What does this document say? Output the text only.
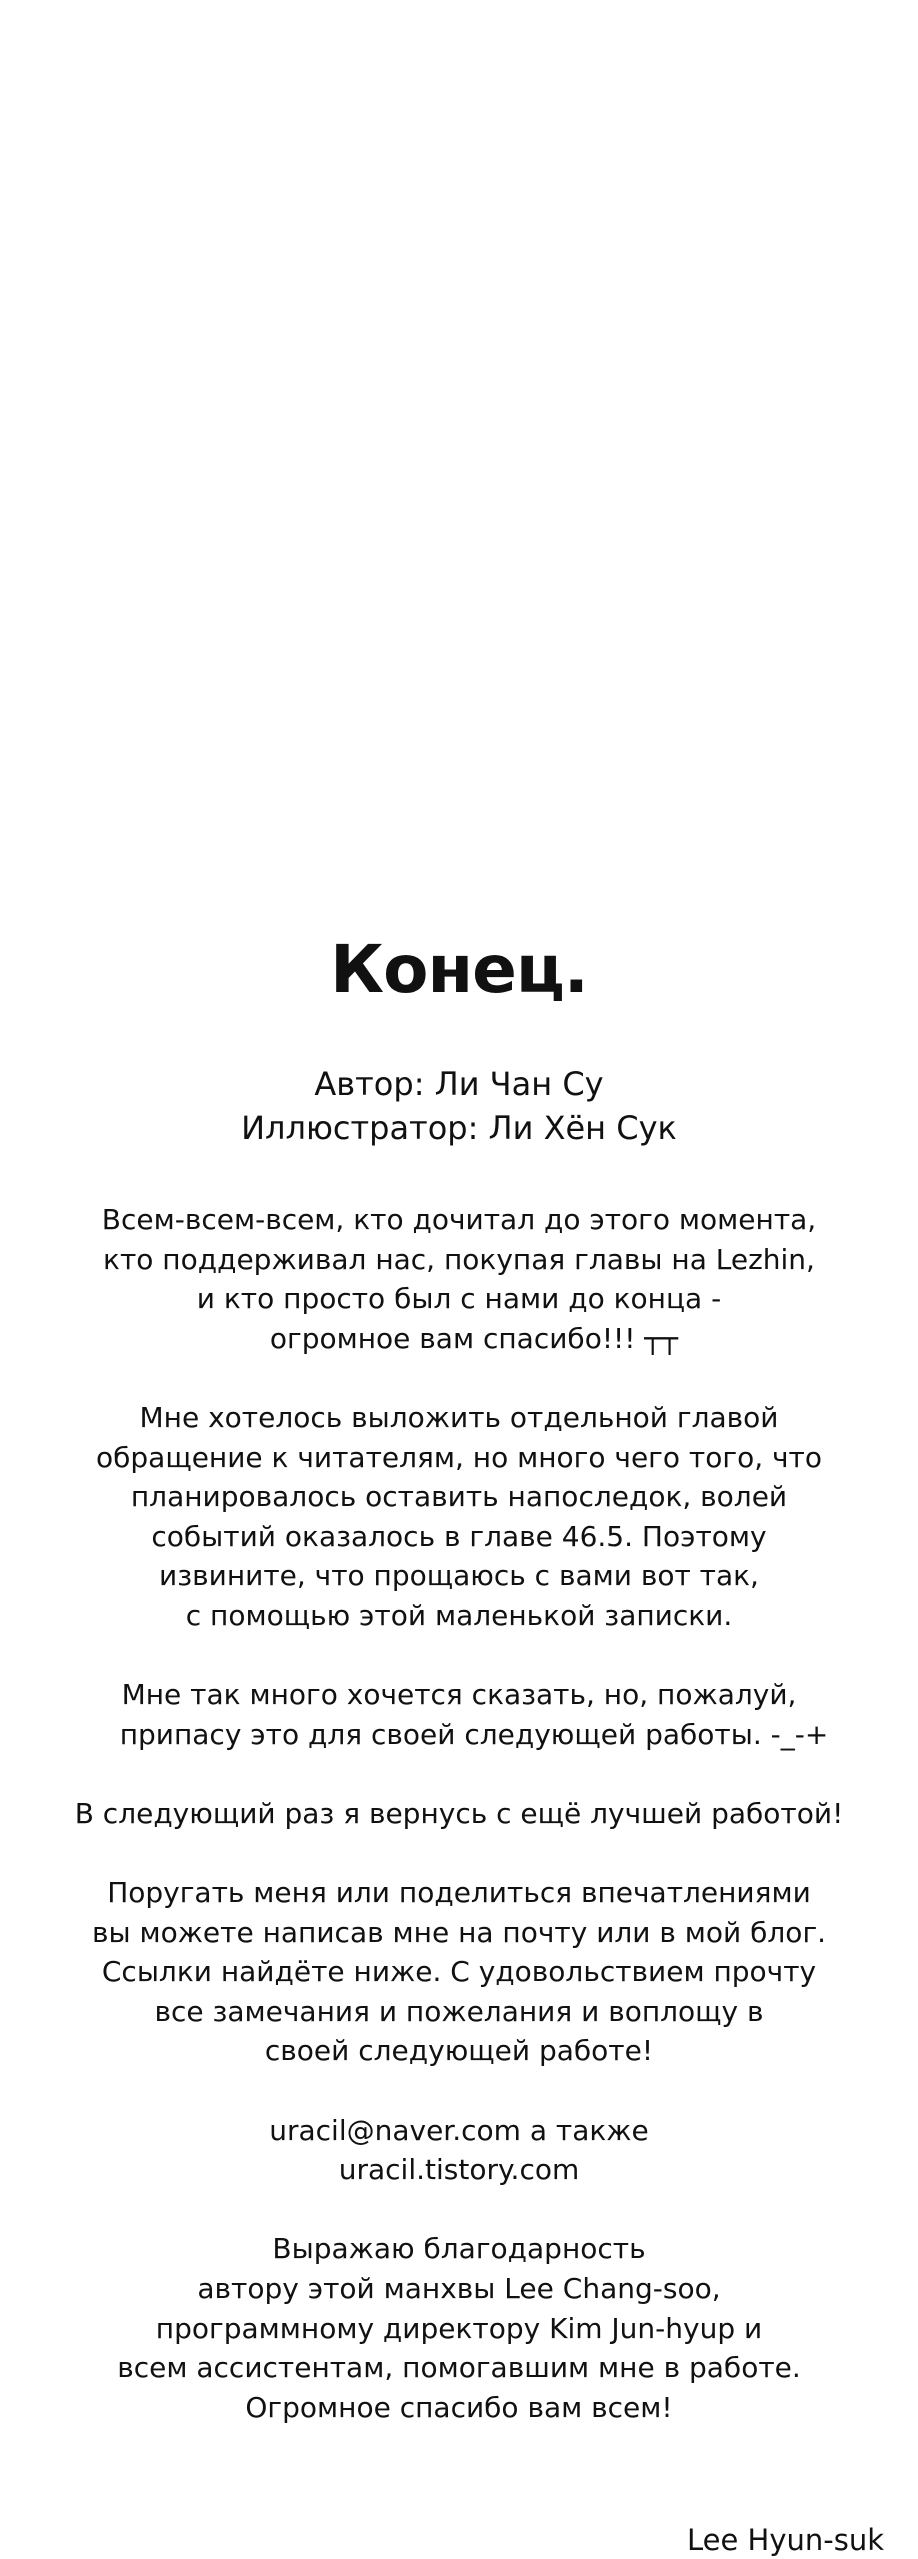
Конец.
Автор: Ли Чан Су
Иллюстратор: Ли Хён Сук
Всем-всем-всем, кто дочитал до этого момента,
кто поддерживал нас, покупая главы на Lezhin,
и кто просто был с нами до конца -
огромное вам спасибо!!! ┬┬
Мне хотелось выложить отдельной главой
обращение к читателям, но много чего того, что
планировалось оставить напоследок, волей
событий оказалось в главе 46.5. Поэтому
извините, что прощаюсь с вами вот так,
с помощью этой маленькой записки.
Мне так много хочется сказать, но, пожалуй,
припасу это для своей следующей работы. -_-+
В следующий раз я вернусь с ещё лучшей работой!
Поругать меня или поделиться впечатлениями
вы можете написав мне на почту или в мой блог.
Ссылки найдёте ниже. С удовольствием прочту
все замечания и пожелания и воплощу в
своей следующей работе!
uracil@naver.com а также
uracil.tistory.com
Выражаю благодарность
автору этой манхвы Lee Chang-soo,
программному директору Kim Jun-hyup и
всем ассистентам, помогавшим мне в работе.
Огромное спасибо вам всем!
Lee Hyun-suk
